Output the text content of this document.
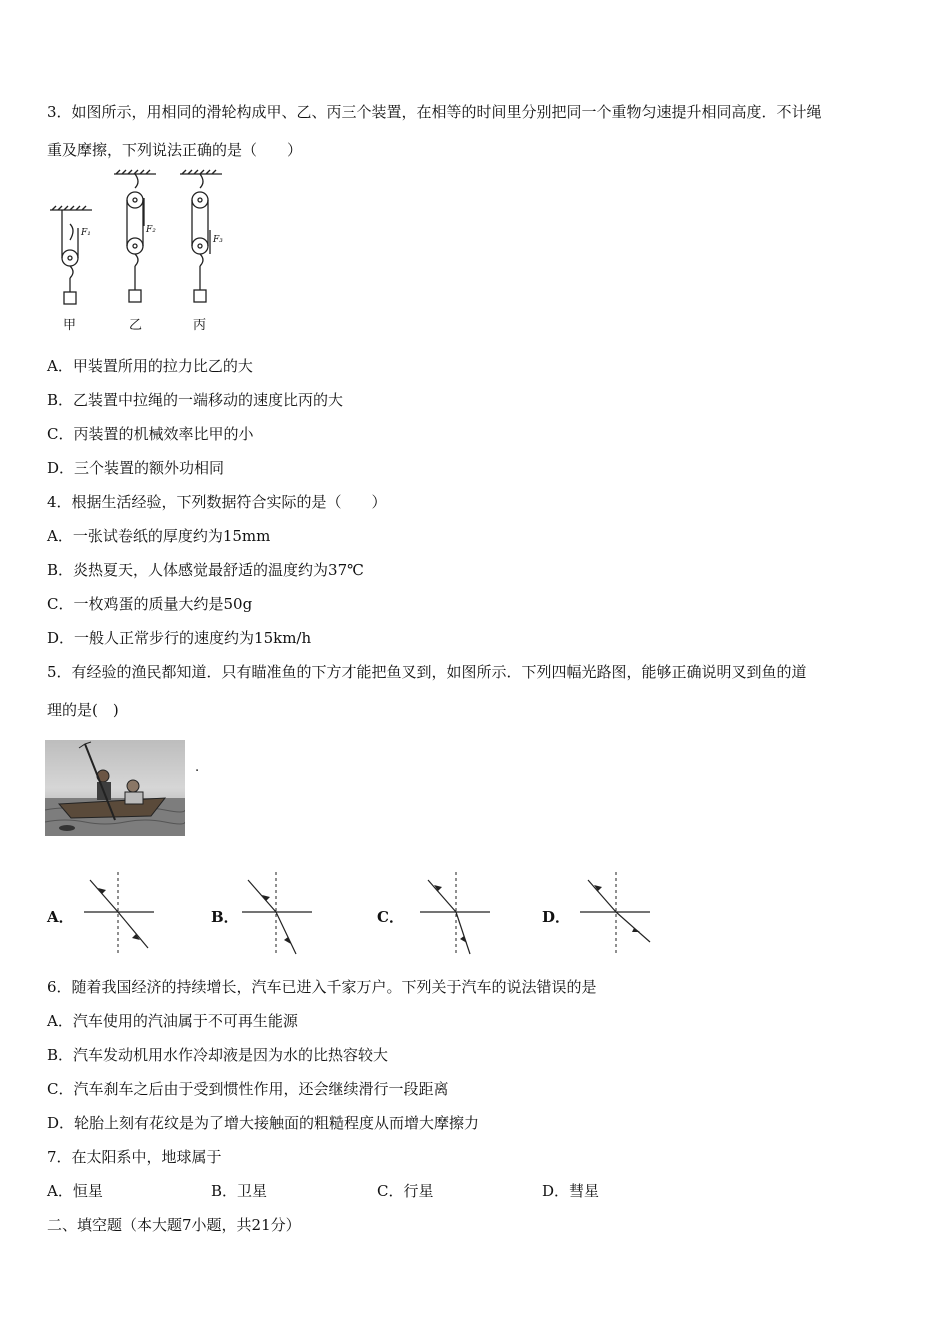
3．如图所示，用相同的滑轮构成甲、乙、丙三个装置，在相等的时间里分别把同一个重物匀速提升相同高度．不计绳
重及摩擦，下列说法正确的是（　　）
F₁	F₂
F₃
甲	乙	丙
A．甲装置所用的拉力比乙的大
B．乙装置中拉绳的一端移动的速度比丙的大
C．丙装置的机械效率比甲的小
D．三个装置的额外功相同
4．根据生活经验，下列数据符合实际的是（　　）
A．一张试卷纸的厚度约为15mm
B．炎热夏天，人体感觉最舒适的温度约为37℃
C．一枚鸡蛋的质量大约是50g
D．一般人正常步行的速度约为15km/h
5．有经验的渔民都知道．只有瞄准鱼的下方才能把鱼叉到，如图所示．下列四幅光路图，能够正确说明叉到鱼的道
理的是(　)
.
A．	B．	C．	D．
6．随着我国经济的持续增长，汽车已进入千家万户。下列关于汽车的说法错误的是
A．汽车使用的汽油属于不可再生能源
B．汽车发动机用水作冷却液是因为水的比热容较大
C．汽车刹车之后由于受到惯性作用，还会继续滑行一段距离
D．轮胎上刻有花纹是为了增大接触面的粗糙程度从而增大摩擦力
7．在太阳系中，地球属于
A．恒星	B．卫星	C．行星	D．彗星
二、填空题（本大题7小题，共21分）
